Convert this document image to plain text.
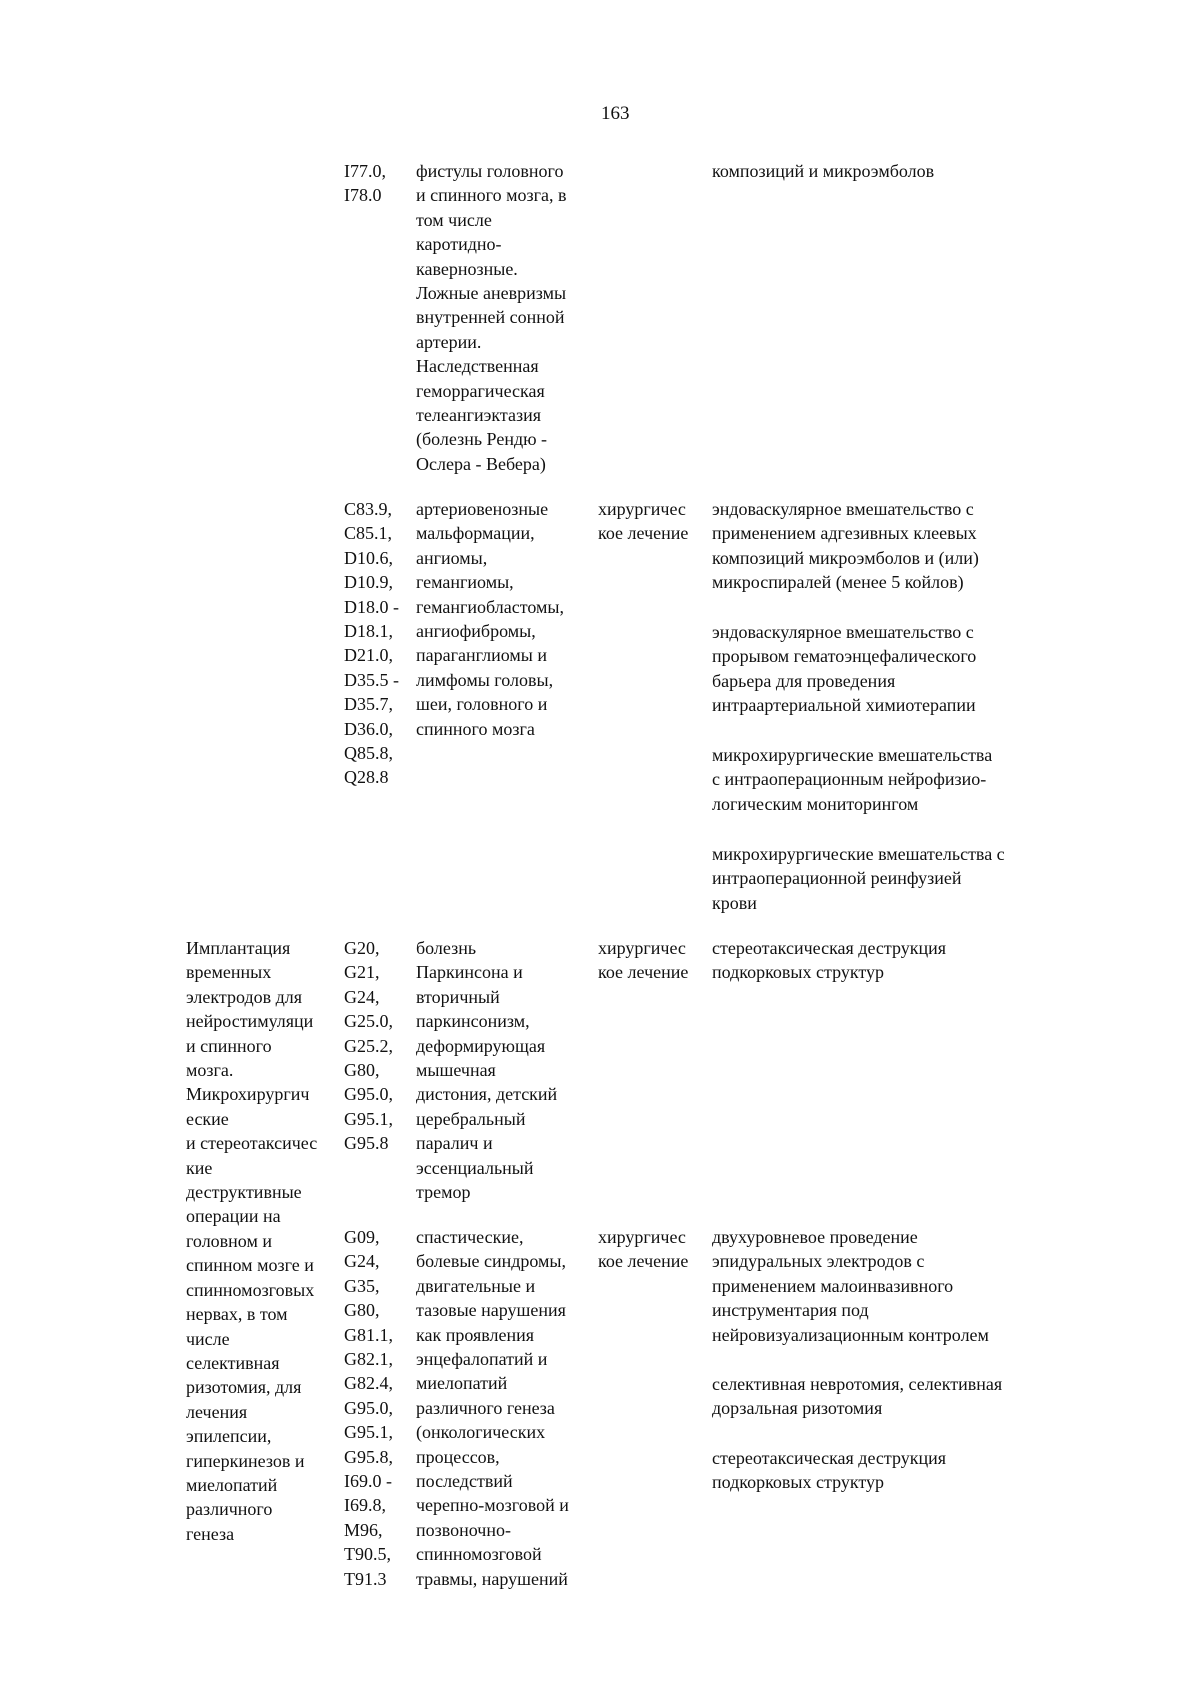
163
I77.0,
I78.0
фистулы головного
и спинного мозга, в
том числе
каротидно-
кавернозные.
Ложные аневризмы
внутренней сонной
артерии.
Наследственная
геморрагическая
телеангиэктазия
(болезнь Рендю -
Ослера - Вебера)
композиций и микроэмболов
C83.9,
C85.1,
D10.6,
D10.9,
D18.0 -
D18.1,
D21.0,
D35.5 -
D35.7,
D36.0,
Q85.8,
Q28.8
артериовенозные
мальформации,
ангиомы,
гемангиомы,
гемангиобластомы,
ангиофибромы,
параганглиомы и
лимфомы головы,
шеи, головного и
спинного мозга
хирургичес
кое лечение
эндоваскулярное вмешательство с
применением адгезивных клеевых
композиций микроэмболов и (или)
микроспиралей (менее 5 койлов)
эндоваскулярное вмешательство с
прорывом гематоэнцефалического
барьера для проведения
интраартериальной химиотерапии
микрохирургические вмешательства
с интраоперационным нейрофизио-
логическим мониторингом
микрохирургические вмешательства с
интраоперационной реинфузией
крови
Имплантация
временных
электродов для
нейростимуляци
и спинного
мозга.
Микрохирургич
еские
и стереотаксичес
кие
деструктивные
операции на
головном и
спинном мозге и
спинномозговых
нервах, в том
числе
селективная
ризотомия, для
лечения
эпилепсии,
гиперкинезов и
миелопатий
различного
генеза
G20,
G21,
G24,
G25.0,
G25.2,
G80,
G95.0,
G95.1,
G95.8
болезнь
Паркинсона и
вторичный
паркинсонизм,
деформирующая
мышечная
дистония, детский
церебральный
паралич и
эссенциальный
тремор
хирургичес
кое лечение
стереотаксическая деструкция
подкорковых структур
G09,
G24,
G35,
G80,
G81.1,
G82.1,
G82.4,
G95.0,
G95.1,
G95.8,
I69.0 -
I69.8,
M96,
T90.5,
T91.3
спастические,
болевые синдромы,
двигательные и
тазовые нарушения
как проявления
энцефалопатий и
миелопатий
различного генеза
(онкологических
процессов,
последствий
черепно-мозговой и
позвоночно-
спинномозговой
травмы, нарушений
хирургичес
кое лечение
двухуровневое проведение
эпидуральных электродов с
применением малоинвазивного
инструментария под
нейровизуализационным контролем
селективная невротомия, селективная
дорзальная ризотомия
стереотаксическая деструкция
подкорковых структур
